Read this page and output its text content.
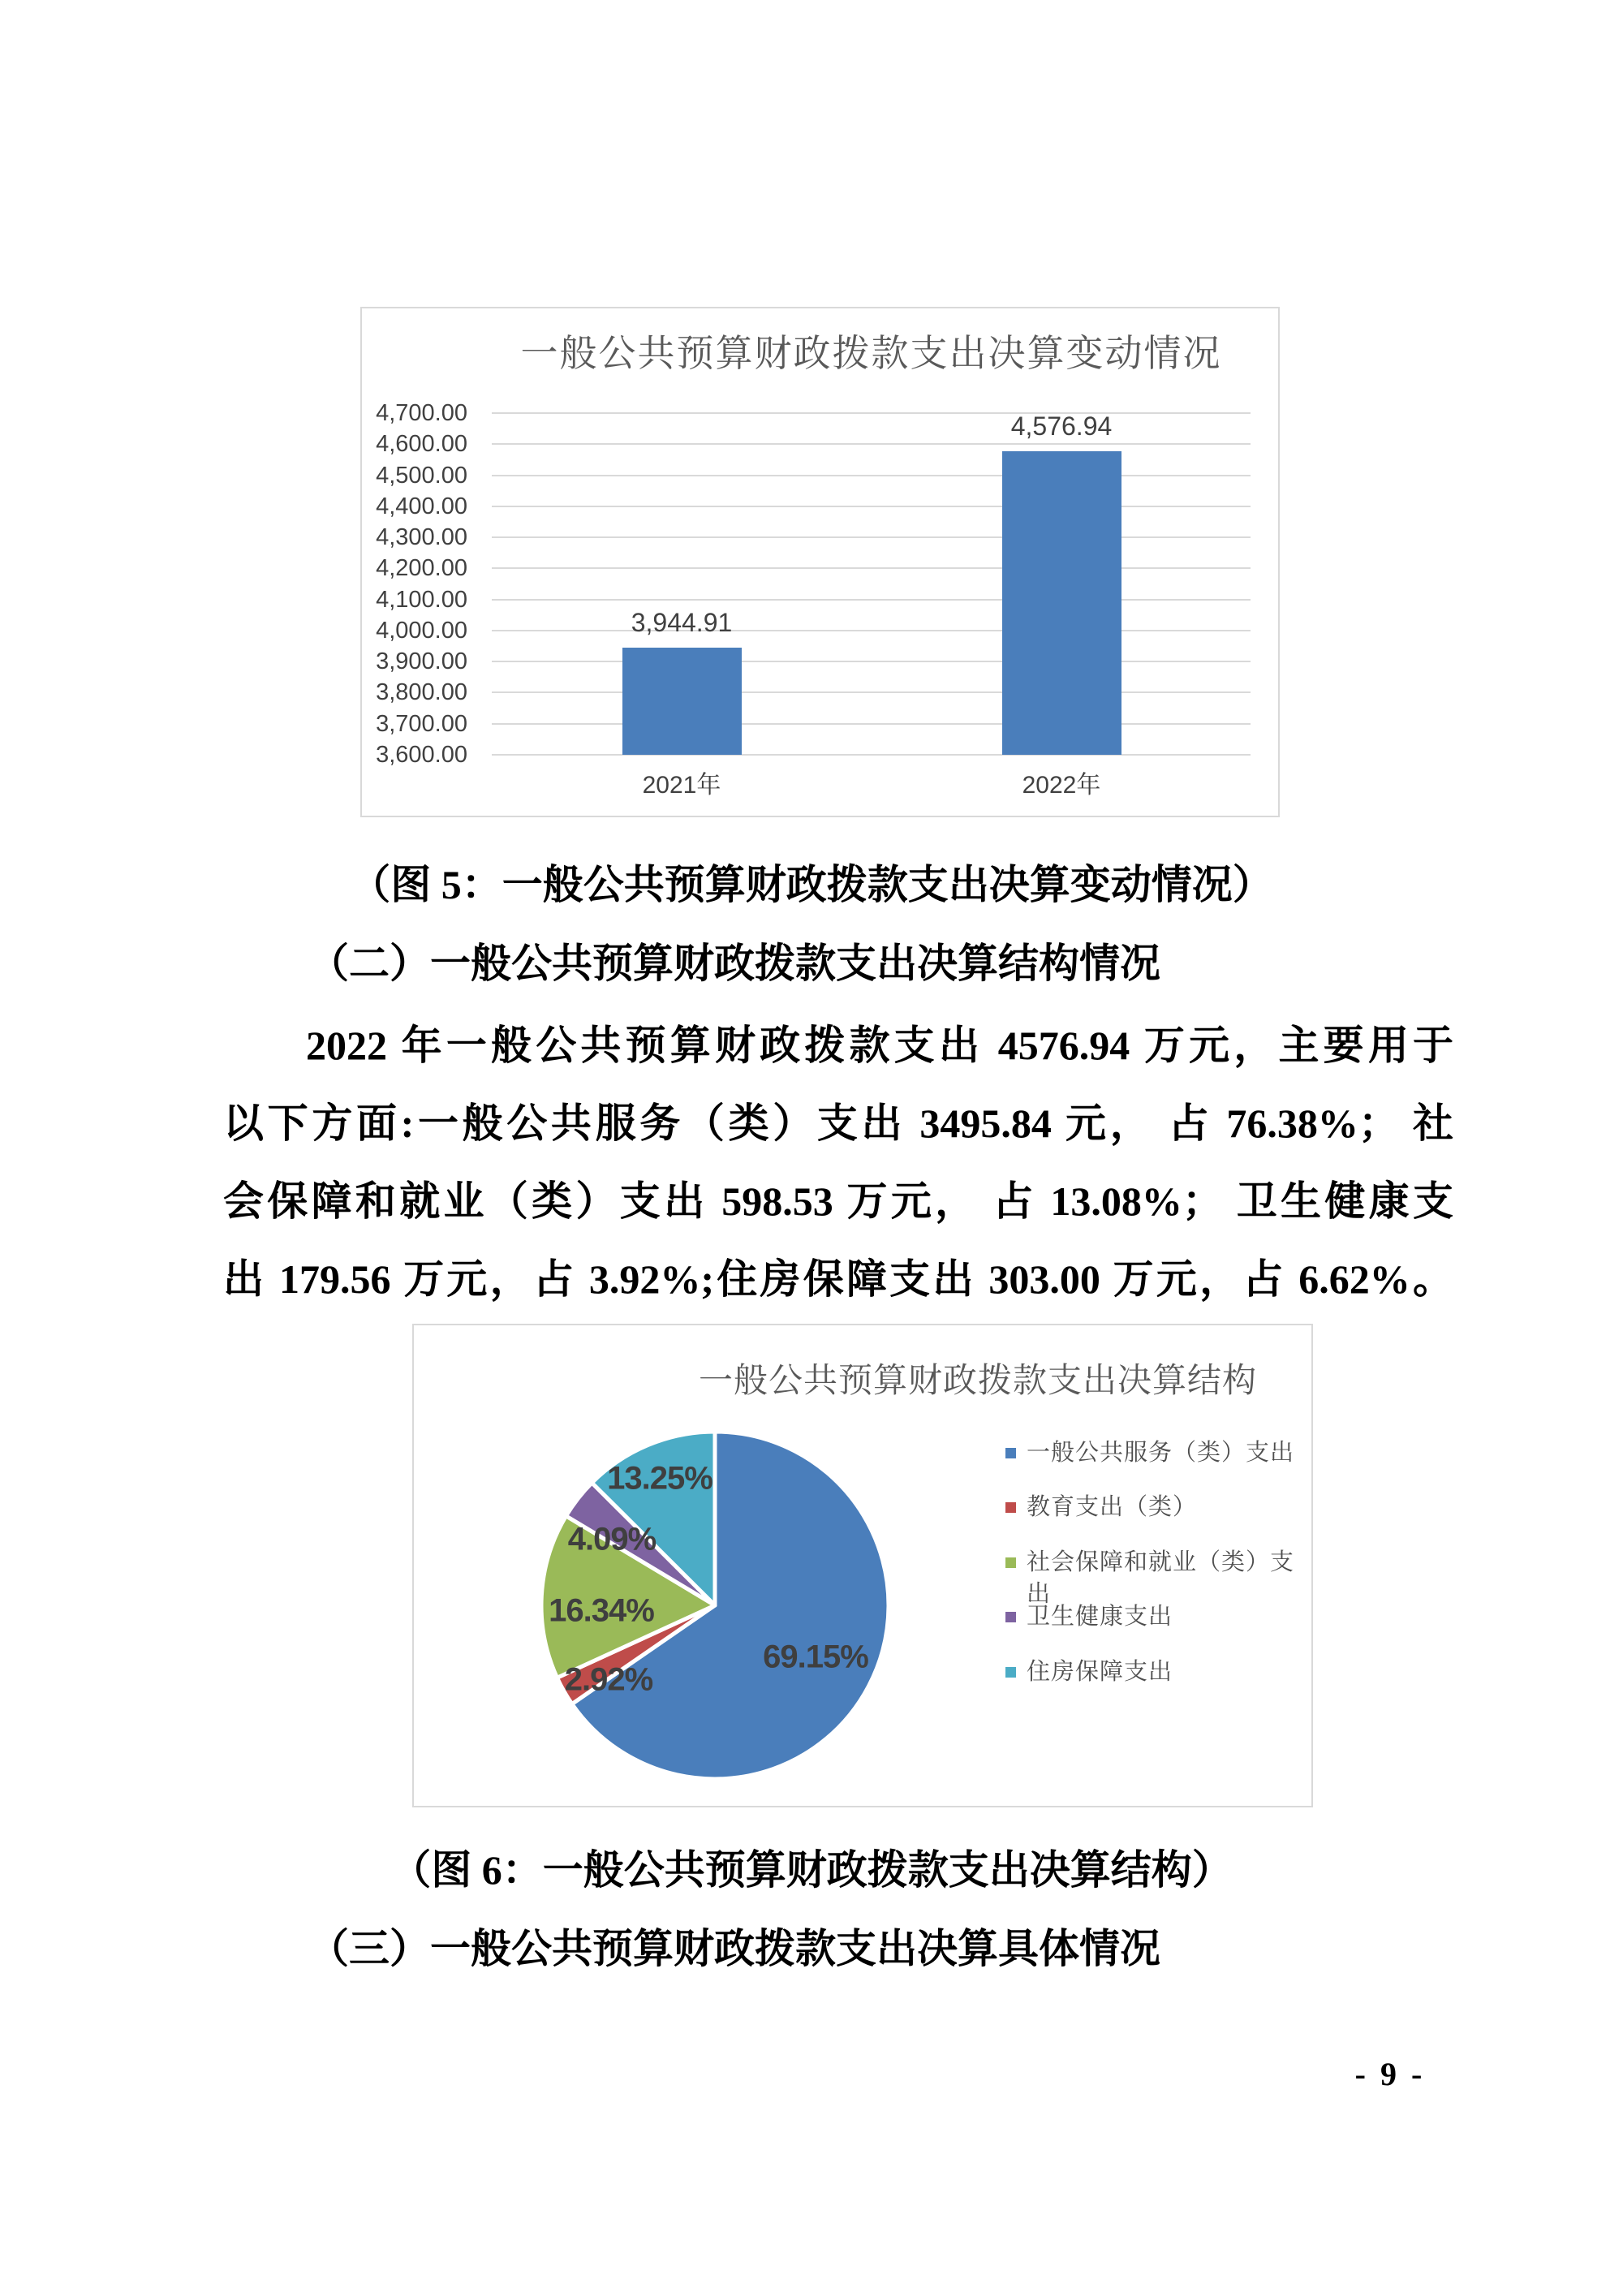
一般公共预算财政拨款支出决算变动情况
4,700.00
4,600.00
4,500.00
4,400.00
4,300.00
4,200.00
4,100.00
4,000.00
3,900.00
3,800.00
3,700.00
3,600.00
3,944.91
2021年
4,576.94
2022年
（图 5：一般公共预算财政拨款支出决算变动情况）
（二）一般公共预算财政拨款支出决算结构情况
2022 年一般公共预算财政拨款支出 4576.94 万元，主要用于
以下方面:一般公共服务（类）支出 3495.84 元， 占 76.38%； 社
会保障和就业（类）支出 598.53 万元， 占 13.08%； 卫生健康支
出 179.56 万元，占 3.92%;住房保障支出 303.00 万元，占 6.62%。
一般公共预算财政拨款支出决算结构
69.15%
2.92%
16.34%
4.09%
13.25%
一般公共服务（类）支出
教育支出（类）
社会保障和就业（类）支出
卫生健康支出
住房保障支出
（图 6：一般公共预算财政拨款支出决算结构）
（三）一般公共预算财政拨款支出决算具体情况
- 9 -
